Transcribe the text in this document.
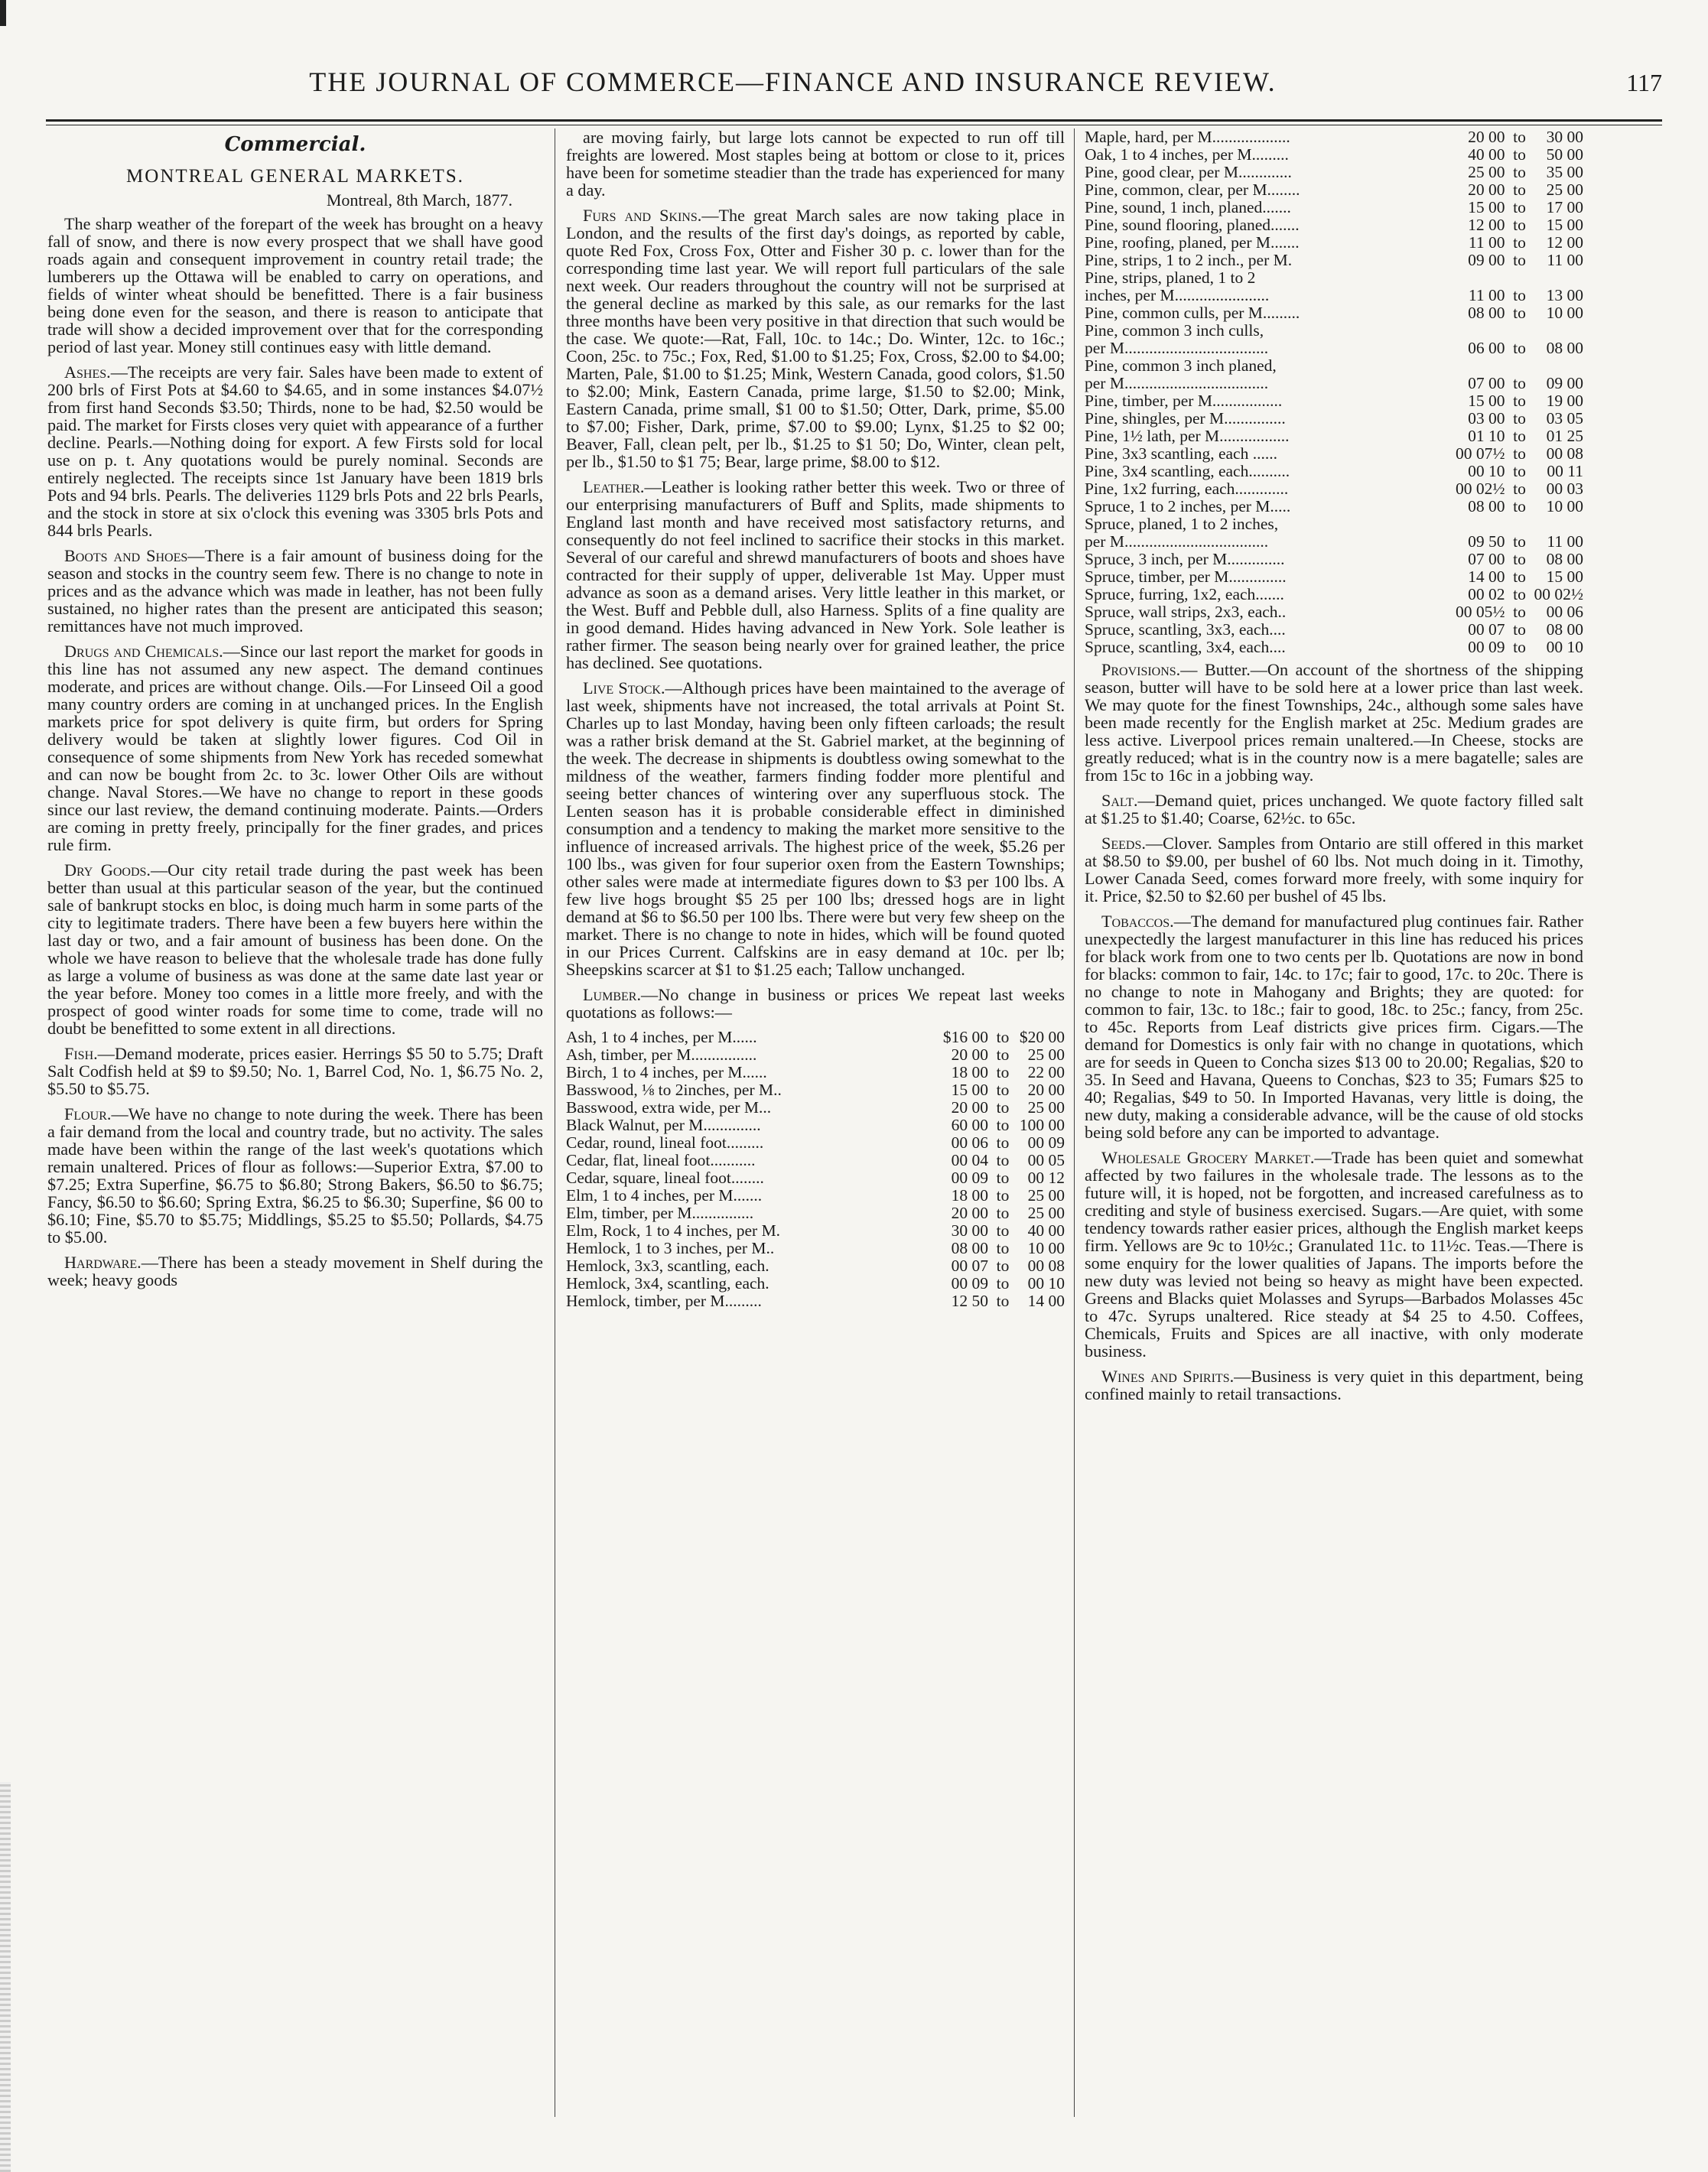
THE JOURNAL OF COMMERCE—FINANCE AND INSURANCE REVIEW.	117
Commercial.
MONTREAL GENERAL MARKETS.
Montreal, 8th March, 1877.

The sharp weather of the forepart of the week has brought on a heavy fall of snow, and there is now every prospect that we shall have good roads again and consequent improvement in country retail trade; the lumberers up the Ottawa will be enabled to carry on operations, and fields of winter wheat should be benefitted. There is a fair business being done even for the season, and there is reason to anticipate that trade will show a decided improvement over that for the corresponding period of last year. Money still continues easy with little demand.

Ashes.—The receipts are very fair. Sales have been made to extent of 200 brls of First Pots at $4.60 to $4.65, and in some instances $4.07½ from first hand Seconds $3.50; Thirds, none to be had, $2.50 would be paid. The market for Firsts closes very quiet with appearance of a further decline. Pearls.—Nothing doing for export. A few Firsts sold for local use on p. t. Any quotations would be purely nominal. Seconds are entirely neglected. The receipts since 1st January have been 1819 brls Pots and 94 brls. Pearls. The deliveries 1129 brls Pots and 22 brls Pearls, and the stock in store at six o'clock this evening was 3305 brls Pots and 844 brls Pearls.

Boots and Shoes—There is a fair amount of business doing for the season and stocks in the country seem few. There is no change to note in prices and as the advance which was made in leather, has not been fully sustained, no higher rates than the present are anticipated this season; remittances have not much improved.

Drugs and Chemicals.—Since our last report the market for goods in this line has not assumed any new aspect. The demand continues moderate, and prices are without change. Oils.—For Linseed Oil a good many country orders are coming in at unchanged prices. In the English markets price for spot delivery is quite firm, but orders for Spring delivery would be taken at slightly lower figures. Cod Oil in consequence of some shipments from New York has receded somewhat and can now be bought from 2c. to 3c. lower Other Oils are without change. Naval Stores.—We have no change to report in these goods since our last review, the demand continuing moderate. Paints.—Orders are coming in pretty freely, principally for the finer grades, and prices rule firm.

Dry Goods.—Our city retail trade during the past week has been better than usual at this particular season of the year, but the continued sale of bankrupt stocks en bloc, is doing much harm in some parts of the city to legitimate traders. There have been a few buyers here within the last day or two, and a fair amount of business has been done. On the whole we have reason to believe that the wholesale trade has done fully as large a volume of business as was done at the same date last year or the year before. Money too comes in a little more freely, and with the prospect of good winter roads for some time to come, trade will no doubt be benefitted to some extent in all directions.

Fish.—Demand moderate, prices easier. Herrings $5 50 to 5.75; Draft Salt Codfish held at $9 to $9.50; No. 1, Barrel Cod, No. 1, $6.75 No. 2, $5.50 to $5.75.

Flour.—We have no change to note during the week. There has been a fair demand from the local and country trade, but no activity. The sales made have been within the range of the last week's quotations which remain unaltered. Prices of flour as follows:—Superior Extra, $7.00 to $7.25; Extra Superfine, $6.75 to $6.80; Strong Bakers, $6.50 to $6.75; Fancy, $6.50 to $6.60; Spring Extra, $6.25 to $6.30; Superfine, $6 00 to $6.10; Fine, $5.70 to $5.75; Middlings, $5.25 to $5.50; Pollards, $4.75 to $5.00.

Hardware.—There has been a steady movement in Shelf during the week; heavy goods

are moving fairly, but large lots cannot be expected to run off till freights are lowered. Most staples being at bottom or close to it, prices have been for sometime steadier than the trade has experienced for many a day.

Furs and Skins.—The great March sales are now taking place in London, and the results of the first day's doings, as reported by cable, quote Red Fox, Cross Fox, Otter and Fisher 30 p. c. lower than for the corresponding time last year. We will report full particulars of the sale next week. Our readers throughout the country will not be surprised at the general decline as marked by this sale, as our remarks for the last three months have been very positive in that direction that such would be the case. We quote:—Rat, Fall, 10c. to 14c.; Do. Winter, 12c. to 16c.; Coon, 25c. to 75c.; Fox, Red, $1.00 to $1.25; Fox, Cross, $2.00 to $4.00; Marten, Pale, $1.00 to $1.25; Mink, Western Canada, good colors, $1.50 to $2.00; Mink, Eastern Canada, prime large, $1.50 to $2.00; Mink, Eastern Canada, prime small, $1 00 to $1.50; Otter, Dark, prime, $5.00 to $7.00; Fisher, Dark, prime, $7.00 to $9.00; Lynx, $1.25 to $2 00; Beaver, Fall, clean pelt, per lb., $1.25 to $1 50; Do, Winter, clean pelt, per lb., $1.50 to $1 75; Bear, large prime, $8.00 to $12.

Leather.—Leather is looking rather better this week. Two or three of our enterprising manufacturers of Buff and Splits, made shipments to England last month and have received most satisfactory returns, and consequently do not feel inclined to sacrifice their stocks in this market. Several of our careful and shrewd manufacturers of boots and shoes have contracted for their supply of upper, deliverable 1st May. Upper must advance as soon as a demand arises. Very little leather in this market, or the West. Buff and Pebble dull, also Harness. Splits of a fine quality are in good demand. Hides having advanced in New York. Sole leather is rather firmer. The season being nearly over for grained leather, the price has declined. See quotations.

Live Stock.—Although prices have been maintained to the average of last week, shipments have not increased, the total arrivals at Point St. Charles up to last Monday, having been only fifteen carloads; the result was a rather brisk demand at the St. Gabriel market, at the beginning of the week. The decrease in shipments is doubtless owing somewhat to the mildness of the weather, farmers finding fodder more plentiful and seeing better chances of wintering over any superfluous stock. The Lenten season has it is probable considerable effect in diminished consumption and a tendency to making the market more sensitive to the influence of increased arrivals. The highest price of the week, $5.26 per 100 lbs., was given for four superior oxen from the Eastern Townships; other sales were made at intermediate figures down to $3 per 100 lbs. A few live hogs brought $5 25 per 100 lbs; dressed hogs are in light demand at $6 to $6.50 per 100 lbs. There were but very few sheep on the market. There is no change to note in hides, which will be found quoted in our Prices Current. Calfskins are in easy demand at 10c. per lb; Sheepskins scarcer at $1 to $1.25 each; Tallow unchanged.

Lumber.—No change in business or prices We repeat last weeks quotations as follows:—

Ash, 1 to 4 inches, per M......	$16 00	to	$20 00
Ash, timber, per M................	20 00	to	25 00
Birch, 1 to 4 inches, per M......	18 00	to	22 00
Basswood, ⅛ to 2inches, per M..	15 00	to	20 00
Basswood, extra wide, per M...	20 00	to	25 00
Black Walnut, per M..............	60 00	to	100 00
Cedar, round, lineal foot.........	00 06	to	00 09
Cedar, flat, lineal foot...........	00 04	to	00 05
Cedar, square, lineal foot........	00 09	to	00 12
Elm, 1 to 4 inches, per M.......	18 00	to	25 00
Elm, timber, per M...............	20 00	to	25 00
Elm, Rock, 1 to 4 inches, per M.	30 00	to	40 00
Hemlock, 1 to 3 inches, per M..	08 00	to	10 00
Hemlock, 3x3, scantling, each.	00 07	to	00 08
Hemlock, 3x4, scantling, each.	00 09	to	00 10
Hemlock, timber, per M.........	12 50	to	14 00
Maple, hard, per M...................	20 00	to	30 00
Oak, 1 to 4 inches, per M.........	40 00	to	50 00
Pine, good clear, per M.............	25 00	to	35 00
Pine, common, clear, per M........	20 00	to	25 00
Pine, sound, 1 inch, planed.......	15 00	to	17 00
Pine, sound flooring, planed.......	12 00	to	15 00
Pine, roofing, planed, per M.......	11 00	to	12 00
Pine, strips, 1 to 2 inch., per M.	09 00	to	11 00
Pine, strips, planed, 1 to 2			
inches, per M.......................	11 00	to	13 00
Pine, common culls, per M.........	08 00	to	10 00
Pine, common 3 inch culls,			
per M...................................	06 00	to	08 00
Pine, common 3 inch planed,			
per M...................................	07 00	to	09 00
Pine, timber, per M.................	15 00	to	19 00
Pine, shingles, per M...............	03 00	to	03 05
Pine, 1½ lath, per M.................	01 10	to	01 25
Pine, 3x3 scantling, each ......	00 07½	to	00 08
Pine, 3x4 scantling, each..........	00 10	to	00 11
Pine, 1x2 furring, each.............	00 02½	to	00 03
Spruce, 1 to 2 inches, per M.....	08 00	to	10 00
Spruce, planed, 1 to 2 inches,			
per M...................................	09 50	to	11 00
Spruce, 3 inch, per M..............	07 00	to	08 00
Spruce, timber, per M..............	14 00	to	15 00
Spruce, furring, 1x2, each.......	00 02	to	00 02½
Spruce, wall strips, 2x3, each..	00 05½	to	00 06
Spruce, scantling, 3x3, each....	00 07	to	08 00
Spruce, scantling, 3x4, each....	00 09	to	00 10

Provisions.— Butter.—On account of the shortness of the shipping season, butter will have to be sold here at a lower price than last week. We may quote for the finest Townships, 24c., although some sales have been made recently for the English market at 25c. Medium grades are less active. Liverpool prices remain unaltered.—In Cheese, stocks are greatly reduced; what is in the country now is a mere bagatelle; sales are from 15c to 16c in a jobbing way.

Salt.—Demand quiet, prices unchanged. We quote factory filled salt at $1.25 to $1.40; Coarse, 62½c. to 65c.

Seeds.—Clover. Samples from Ontario are still offered in this market at $8.50 to $9.00, per bushel of 60 lbs. Not much doing in it. Timothy, Lower Canada Seed, comes forward more freely, with some inquiry for it. Price, $2.50 to $2.60 per bushel of 45 lbs.

Tobaccos.—The demand for manufactured plug continues fair. Rather unexpectedly the largest manufacturer in this line has reduced his prices for black work from one to two cents per lb. Quotations are now in bond for blacks: common to fair, 14c. to 17c; fair to good, 17c. to 20c. There is no change to note in Mahogany and Brights; they are quoted: for common to fair, 13c. to 18c.; fair to good, 18c. to 25c.; fancy, from 25c. to 45c. Reports from Leaf districts give prices firm. Cigars.—The demand for Domestics is only fair with no change in quotations, which are for seeds in Queen to Concha sizes $13 00 to 20.00; Regalias, $20 to 35. In Seed and Havana, Queens to Conchas, $23 to 35; Fumars $25 to 40; Regalias, $49 to 50. In Imported Havanas, very little is doing, the new duty, making a considerable advance, will be the cause of old stocks being sold before any can be imported to advantage.

Wholesale Grocery Market.—Trade has been quiet and somewhat affected by two failures in the wholesale trade. The lessons as to the future will, it is hoped, not be forgotten, and increased carefulness as to crediting and style of business exercised. Sugars.—Are quiet, with some tendency towards rather easier prices, although the English market keeps firm. Yellows are 9c to 10½c.; Granulated 11c. to 11½c. Teas.—There is some enquiry for the lower qualities of Japans. The imports before the new duty was levied not being so heavy as might have been expected. Greens and Blacks quiet Molasses and Syrups—Barbados Molasses 45c to 47c. Syrups unaltered. Rice steady at $4 25 to 4.50. Coffees, Chemicals, Fruits and Spices are all inactive, with only moderate business.

Wines and Spirits.—Business is very quiet in this department, being confined mainly to retail transactions.
